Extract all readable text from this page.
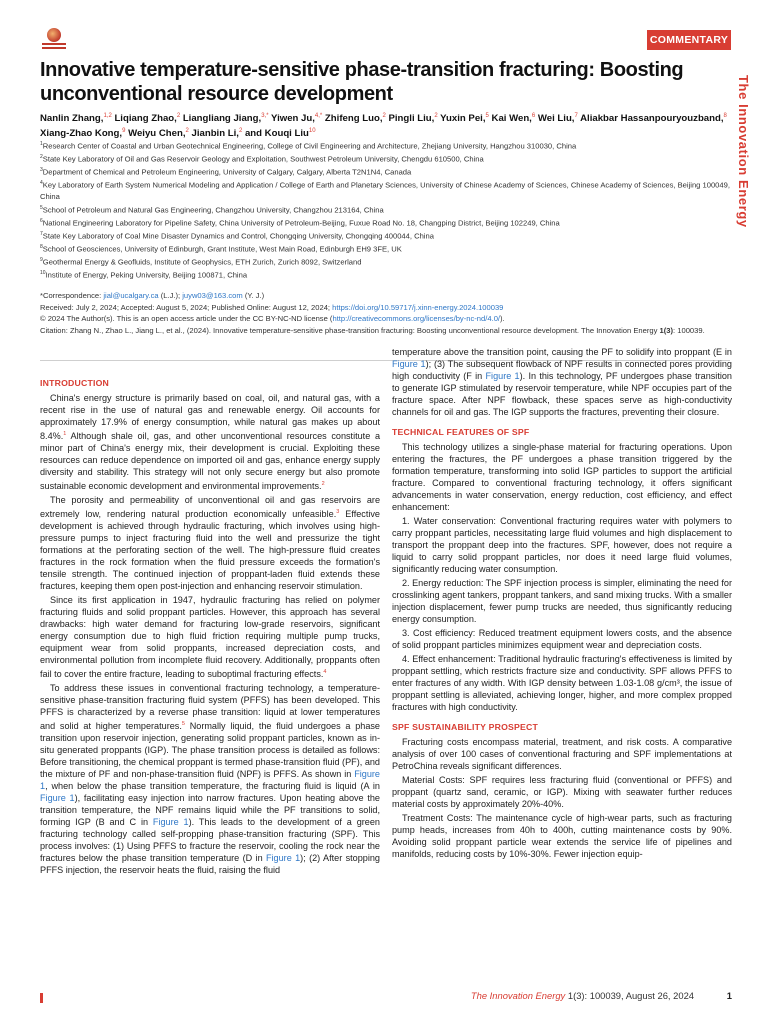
COMMENTARY
The Innovation Energy
Innovative temperature-sensitive phase-transition fracturing: Boosting unconventional resource development
Nanlin Zhang,$^{1,2}$ Liqiang Zhao,$^2$ Liangliang Jiang,$^{3,*}$ Yiwen Ju,$^{4,*}$ Zhifeng Luo,$^2$ Pingli Liu,$^2$ Yuxin Pei,$^5$ Kai Wen,$^6$ Wei Liu,$^7$ Aliakbar Hassanpouryouzband,$^8$ Xiang-Zhao Kong,$^9$ Weiyu Chen,$^2$ Jianbin Li,$^2$ and Kouqi Liu$^{10}$

$^1$Research Center of Coastal and Urban Geotechnical Engineering, College of Civil Engineering and Architecture, Zhejiang University, Hangzhou 310030, China

$^2$State Key Laboratory of Oil and Gas Reservoir Geology and Exploitation, Southwest Petroleum University, Chengdu 610500, China

$^3$Department of Chemical and Petroleum Engineering, University of Calgary, Calgary, Alberta T2N1N4, Canada

$^4$Key Laboratory of Earth System Numerical Modeling and Application / College of Earth and Planetary Sciences, University of Chinese Academy of Sciences, Chinese Academy of Sciences, Beijing 100049, China

$^5$School of Petroleum and Natural Gas Engineering, Changzhou University, Changzhou 213164, China

$^6$National Engineering Laboratory for Pipeline Safety, China University of Petroleum-Beijing, Fuxue Road No. 18, Changping District, Beijing 102249, China

$^7$State Key Laboratory of Coal Mine Disaster Dynamics and Control, Chongqing University, Chongqing 400044, China

$^8$School of Geosciences, University of Edinburgh, Grant Institute, West Main Road, Edinburgh EH9 3FE, UK

$^9$Geothermal Energy & Geofluids, Institute of Geophysics, ETH Zurich, Zurich 8092, Switzerland

$^{10}$Institute of Energy, Peking University, Beijing 100871, China

*Correspondence: jial@ucalgary.ca (L.J.); juyw03@163.com (Y. J.)

Received: July 2, 2024; Accepted: August 5, 2024; Published Online: August 12, 2024; https://doi.org/10.59717/j.xinn-energy.2024.100039

© 2024 The Author(s). This is an open access article under the CC BY-NC-ND license (http://creativecommons.org/licenses/by-nc-nd/4.0/).

Citation: Zhang N., Zhao L., Jiang L., et al., (2024). Innovative temperature-sensitive phase-transition fracturing: Boosting unconventional resource development. The Innovation Energy 1(3): 100039.

INTRODUCTION

China's energy structure is primarily based on coal, oil, and natural gas, with a recent rise in the use of natural gas and renewable energy. Oil accounts for approximately 17.9% of energy consumption, while natural gas makes up about 8.4%.$^1$ Although shale oil, gas, and other unconventional resources constitute a minor part of China's energy mix, their development is crucial. Exploiting these resources can reduce dependence on imported oil and gas, enhance energy supply diversity and stability. This strategy will not only secure energy but also promote sustainable economic development and environmental improvements.$^2$

The porosity and permeability of unconventional oil and gas reservoirs are extremely low, rendering natural production economically unfeasible.$^3$ Effective development is achieved through hydraulic fracturing, which involves using high-pressure pumps to inject fracturing fluid into the well and pressurize the tight formations at the perforating section of the well. The high-pressure fluid creates fractures in the rock formation when the fluid pressure exceeds the formation's tensile strength. The continued injection of proppant-laden fluid extends these fractures, keeping them open post-injection and enhancing reservoir stimulation.

Since its first application in 1947, hydraulic fracturing has relied on polymer fracturing fluids and solid proppant particles. However, this approach has several drawbacks: high water demand for fracturing low-grade reservoirs, significant energy consumption due to high fluid friction requiring multiple pump trucks, equipment wear from solid proppants, increased depreciation costs, and environmental pollution from incomplete fluid recovery. Additionally, proppants often fail to cover the entire fracture, leading to suboptimal fracturing effects.$^4$

To address these issues in conventional fracturing technology, a temperature-sensitive phase-transition fracturing fluid system (PFFS) has been developed. This PFFS is characterized by a reverse phase transition: liquid at lower temperatures and solid at higher temperatures.$^5$ Normally liquid, the fluid undergoes a phase transition upon reservoir injection, generating solid proppant particles, known as in-situ generated proppants (IGP). The phase transition process is detailed as follows: Before transitioning, the chemical proppant is termed phase-transition fluid (PF), and the mixture of PF and non-phase-transition fluid (NPF) is PFFS. As shown in Figure 1, when below the phase transition temperature, the fracturing fluid is liquid (A in Figure 1), facilitating easy injection into narrow fractures. Upon heating above the transition temperature, the NPF remains liquid while the PF transitions to solid, forming IGP (B and C in Figure 1). This leads to the development of a green fracturing technology called self-propping phase-transition fracturing (SPF). This process involves: (1) Using PFFS to fracture the reservoir, cooling the rock near the fractures below the phase transition temperature (D in Figure 1); (2) After stopping PFFS injection, the reservoir heats the fluid, raising the fluid

temperature above the transition point, causing the PF to solidify into proppant (E in Figure 1); (3) The subsequent flowback of NPF results in connected pores providing high conductivity (F in Figure 1). In this technology, PF undergoes phase transition to generate IGP stimulated by reservoir temperature, while NPF occupies part of the fracture space. After NPF flowback, these spaces serve as high-conductivity channels for oil and gas. The IGP supports the fractures, preventing their closure.

TECHNICAL FEATURES OF SPF

This technology utilizes a single-phase material for fracturing operations. Upon entering the fractures, the PF undergoes a phase transition triggered by the formation temperature, transforming into solid IGP particles to support the artificial fracture. Compared to conventional fracturing technology, it offers significant advancements in water conservation, energy reduction, cost efficiency, and effect enhancement:

1. Water conservation: Conventional fracturing requires water with polymers to carry proppant particles, necessitating large fluid volumes and high displacement to transport the proppant deep into the fractures. SPF, however, does not require a liquid to carry solid proppant particles, nor does it need large fluid volumes, significantly reducing water consumption.

2. Energy reduction: The SPF injection process is simpler, eliminating the need for crosslinking agent tankers, proppant tankers, and sand mixing trucks. With a smaller injection displacement, fewer pump trucks are needed, thus significantly reducing energy consumption.

3. Cost efficiency: Reduced treatment equipment lowers costs, and the absence of solid proppant particles minimizes equipment wear and depreciation costs.

4. Effect enhancement: Traditional hydraulic fracturing's effectiveness is limited by proppant settling, which restricts fracture size and conductivity. SPF allows PFFS to enter fractures of any width. With IGP density between 1.03-1.08 g/cm³, the issue of proppant settling is alleviated, achieving longer, higher, and more complex propped fractures with high conductivity.

SPF SUSTAINABILITY PROSPECT

Fracturing costs encompass material, treatment, and risk costs. A comparative analysis of over 100 cases of conventional fracturing and SPF implementations at PetroChina reveals significant differences.

Material Costs: SPF requires less fracturing fluid (conventional or PFFS) and proppant (quartz sand, ceramic, or IGP). Mixing with seawater further reduces material costs by approximately 20%-40%.

Treatment Costs: The maintenance cycle of high-wear parts, such as fracturing pump heads, increases from 40h to 400h, cutting maintenance costs by 90%. Avoiding solid proppant particle wear extends the service life of pipelines and manifolds, reducing costs by 10%-30%. Fewer injection equip-

The Innovation Energy 1(3): 100039, August 26, 2024	1
